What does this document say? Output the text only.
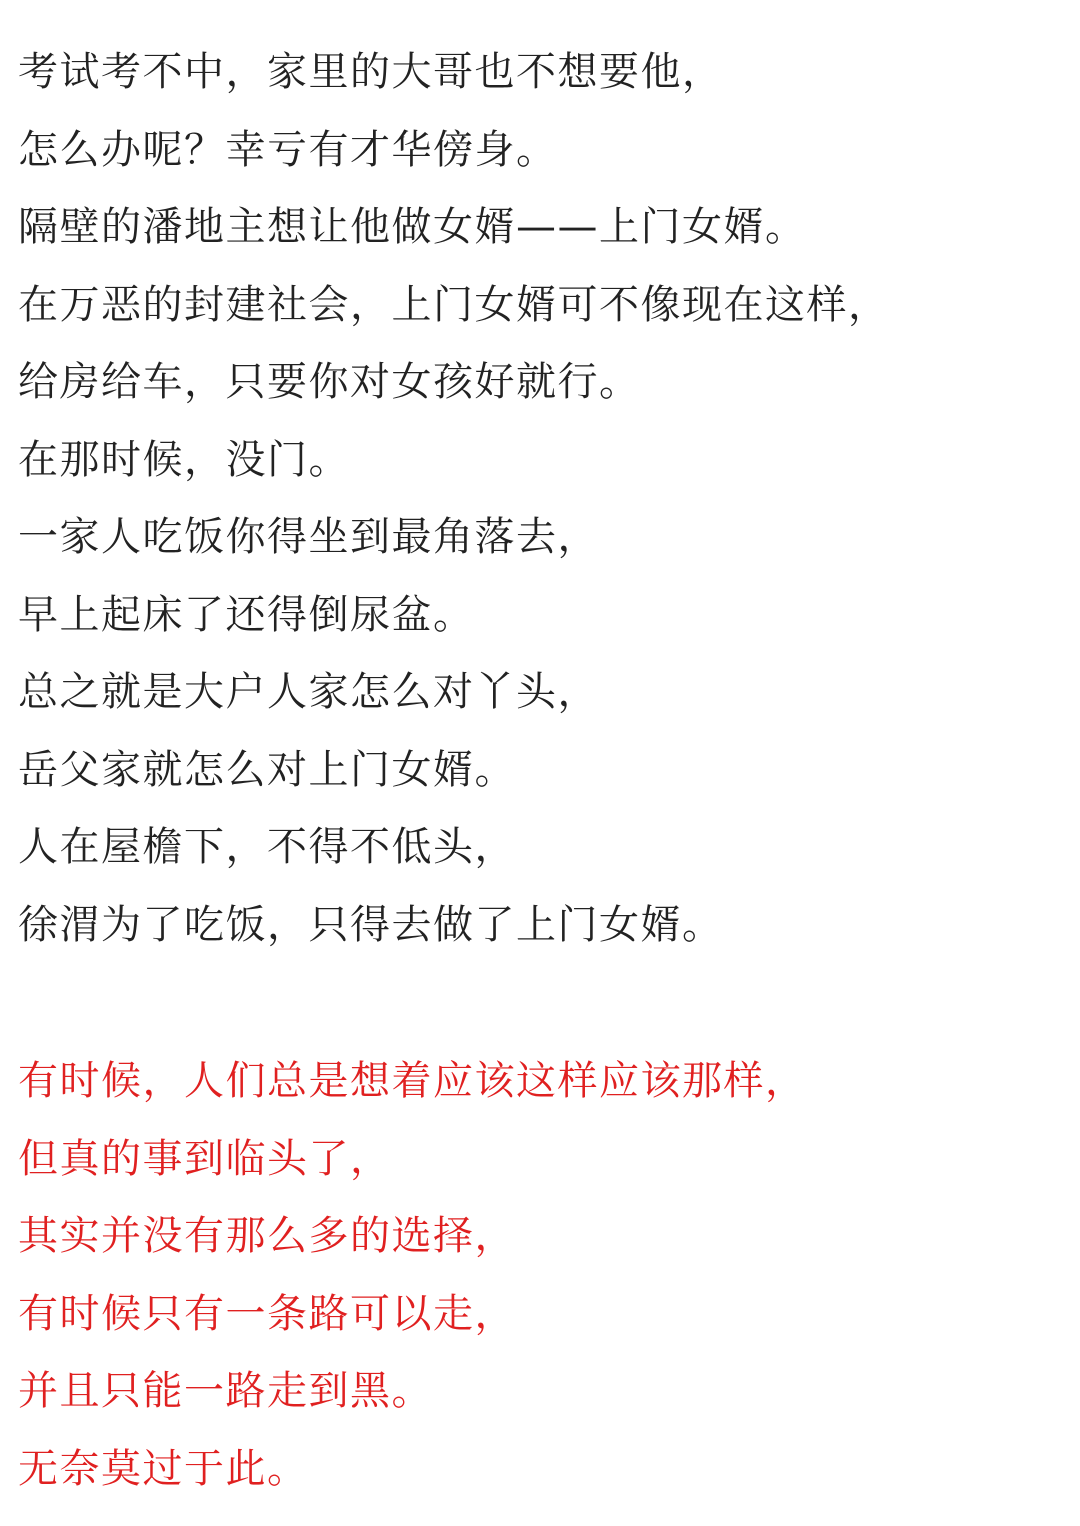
考试考不中，家里的大哥也不想要他，
怎么办呢？幸亏有才华傍身。
隔壁的潘地主想让他做女婿——上门女婿。
在万恶的封建社会，上门女婿可不像现在这样，
给房给车，只要你对女孩好就行。
在那时候，没门。
一家人吃饭你得坐到最角落去，
早上起床了还得倒尿盆。
总之就是大户人家怎么对丫头，
岳父家就怎么对上门女婿。
人在屋檐下，不得不低头，
徐渭为了吃饭，只得去做了上门女婿。
有时候，人们总是想着应该这样应该那样，
但真的事到临头了，
其实并没有那么多的选择，
有时候只有一条路可以走，
并且只能一路走到黑。
无奈莫过于此。
